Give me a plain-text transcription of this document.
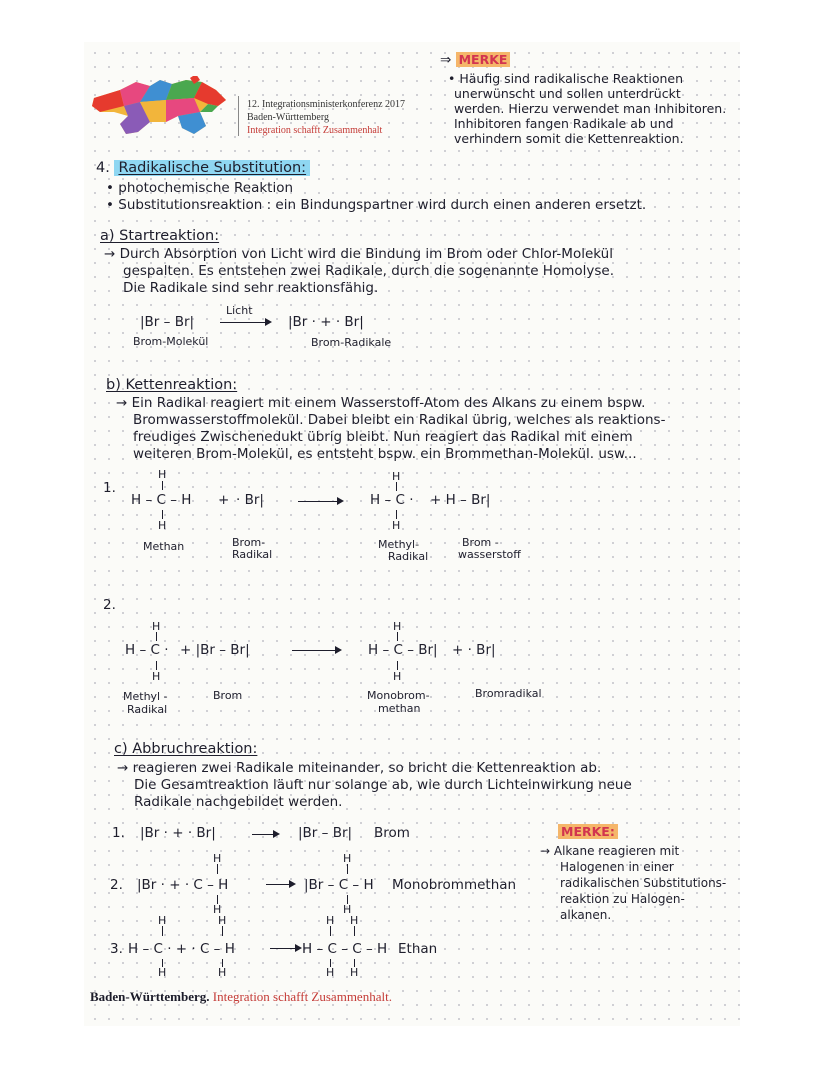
12. Integrationsministerkonferenz 2017
Baden-Württemberg
Integration schafft Zusammenhalt
⇒ MERKE
• Häufig sind radikalische Reaktionen
unerwünscht und sollen unterdrückt
werden. Hierzu verwendet man Inhibitoren.
Inhibitoren fangen Radikale ab und
verhindern somit die Kettenreaktion.
4. Radikalische Substitution:
• photochemische Reaktion
• Substitutionsreaktion : ein Bindungspartner wird durch einen anderen ersetzt.
a) Startreaktion:
→ Durch Absorption von Licht wird die Bindung im Brom oder Chlor-Molekül
gespalten. Es entstehen zwei Radikale, durch die sogenannte Homolyse.
Die Radikale sind sehr reaktionsfähig.
|Br – Br|
Licht
|Br · + · Br|
Brom-Molekül	Brom-Radikale
b) Kettenreaktion:
→ Ein Radikal reagiert mit einem Wasserstoff-Atom des Alkans zu einem bspw.
Bromwasserstoffmolekül. Dabei bleibt ein Radikal übrig, welches als reaktions-
freudiges Zwischenedukt übrig bleibt. Nun reagiert das Radikal mit einem
weiteren Brom-Molekül, es entsteht bspw. ein Brommethan-Molekül. usw...
1.
H
H – C – H
H
+ · Br|
H
H – C ·
H
+ H – Br|
Methan	Brom-
Radikal
Methyl-
Radikal
Brom -
wasserstoff
2.
H
H – C ·
H
+ |Br – Br|
H
H – C – Br|
H
+ · Br|
Methyl -
Radikal
Brom	Monobrom-
methan
Bromradikal
c) Abbruchreaktion:
→ reagieren zwei Radikale miteinander, so bricht die Kettenreaktion ab.
Die Gesamtreaktion läuft nur solange ab, wie durch Lichteinwirkung neue
Radikale nachgebildet werden.
1. |Br · + · Br|	|Br – Br| Brom
2.
H
|Br · + · C – H
H
H
|Br – C – H
H
Monobrommethan
3.
H	H
H – C · + · C – H
H	H
H H
H – C – C – H
H H
Ethan
MERKE:
→ Alkane reagieren mit
Halogenen in einer
radikalischen Substitutions-
reaktion zu Halogen-
alkanen.
Baden-Württemberg. Integration schafft Zusammenhalt.
